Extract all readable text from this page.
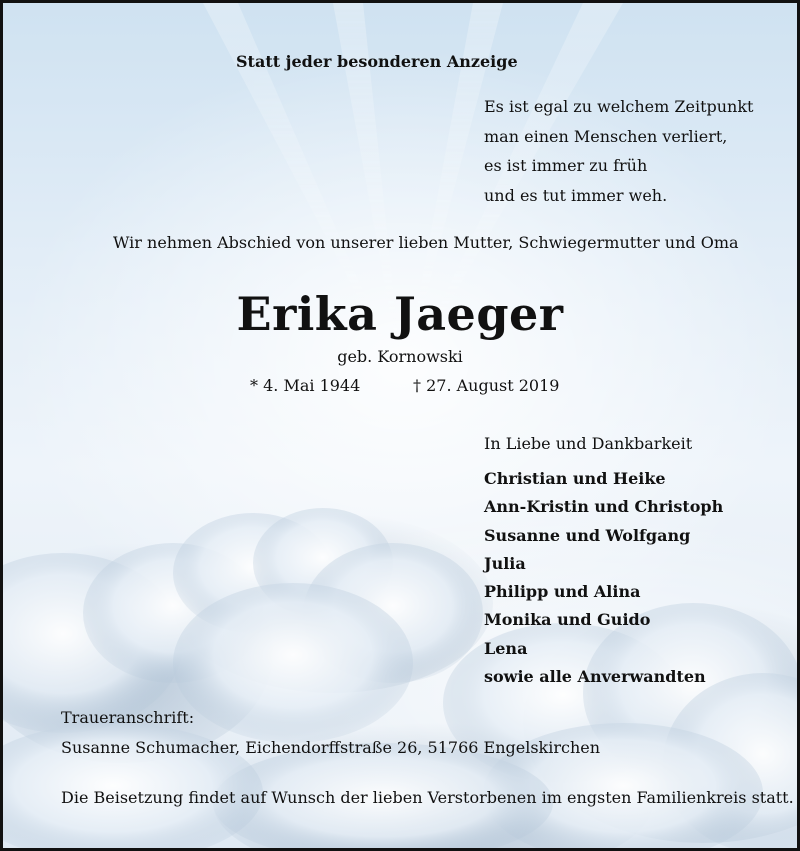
Statt jeder besonderen Anzeige
Es ist egal zu welchem Zeitpunkt
man einen Menschen verliert,
es ist immer zu früh
und es tut immer weh.
Wir nehmen Abschied von unserer lieben Mutter, Schwiegermutter und Oma
Erika Jaeger
geb. Kornowski
* 4. Mai 1944	† 27. August 2019
In Liebe und Dankbarkeit
Christian und Heike
Ann-Kristin und Christoph
Susanne und Wolfgang
Julia
Philipp und Alina
Monika und Guido
Lena
sowie alle Anverwandten
Traueranschrift:
Susanne Schumacher, Eichendorffstraße 26, 51766 Engelskirchen
Die Beisetzung findet auf Wunsch der lieben Verstorbenen im engsten Familienkreis statt.
